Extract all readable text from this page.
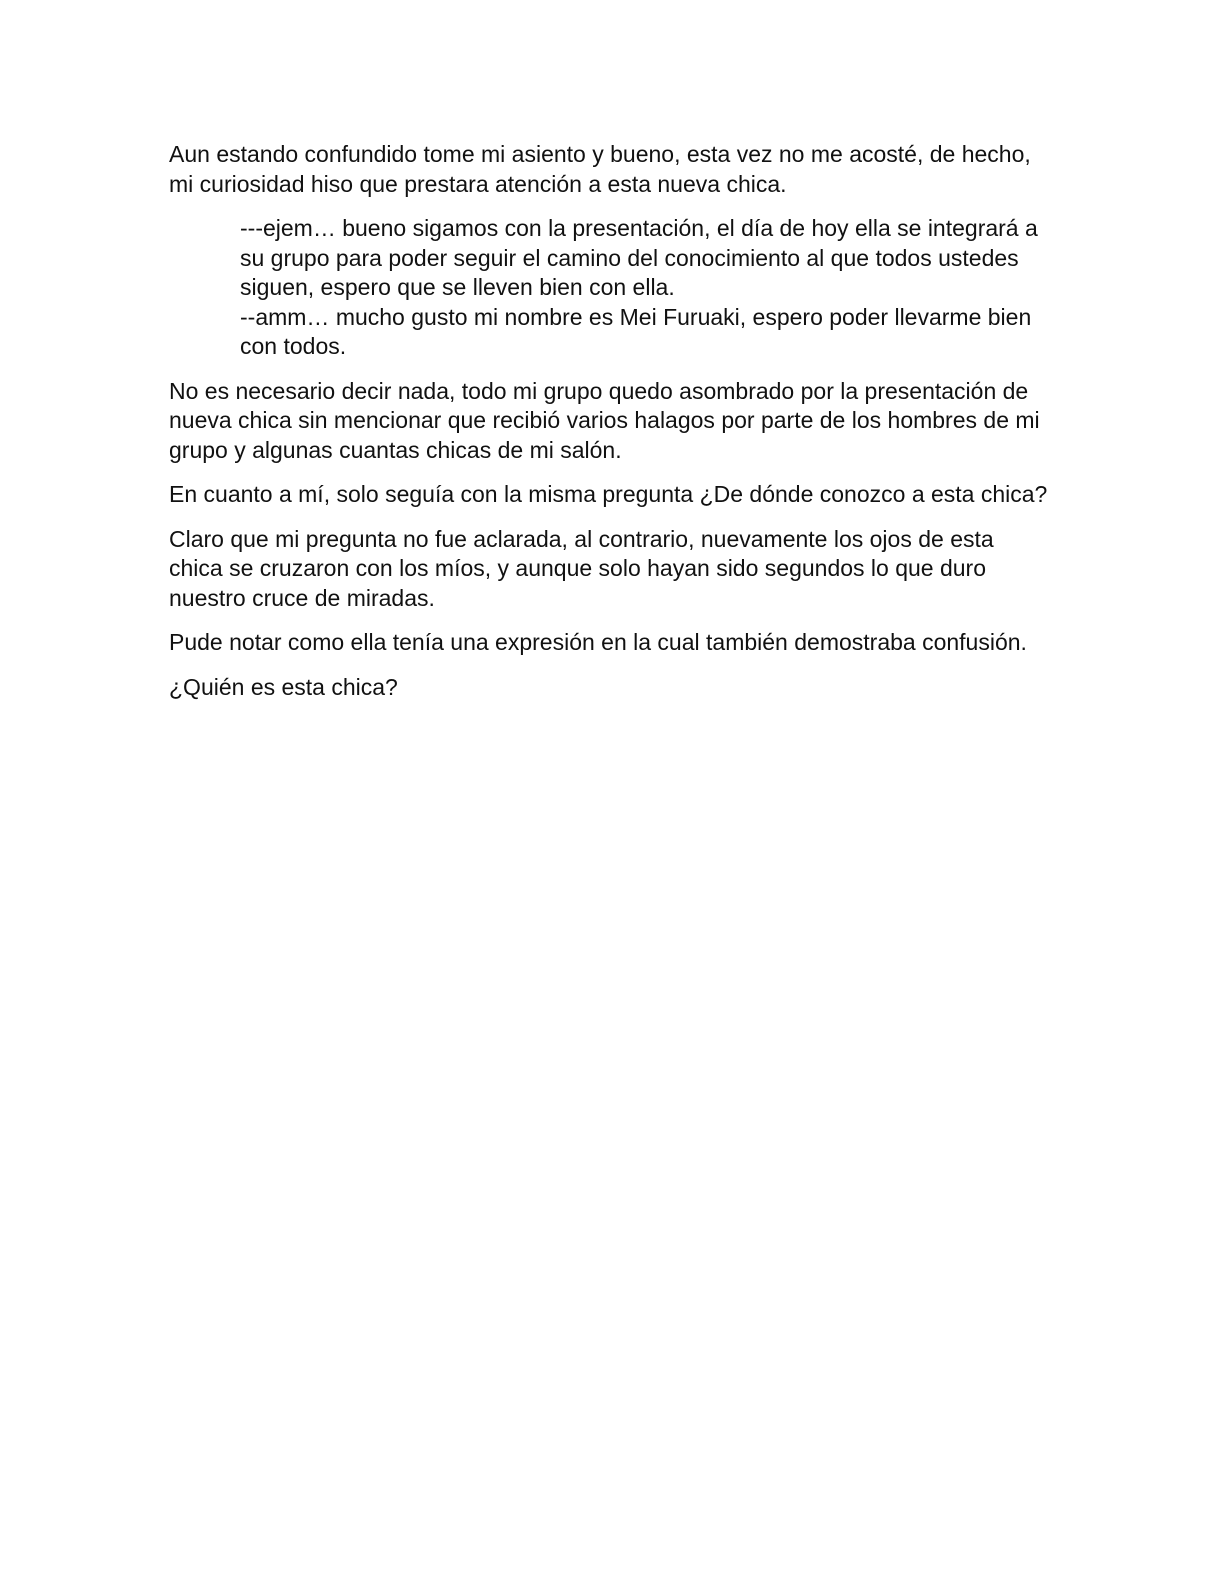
Aun estando confundido tome mi asiento y bueno, esta vez no me acosté, de hecho, mi curiosidad hiso que prestara atención a esta nueva chica.

---ejem… bueno sigamos con la presentación, el día de hoy ella se integrará a su grupo para poder seguir el camino del conocimiento al que todos ustedes siguen, espero que se lleven bien con ella.

--amm… mucho gusto mi nombre es Mei Furuaki, espero poder llevarme bien con todos.

No es necesario decir nada, todo mi grupo quedo asombrado por la presentación de nueva chica sin mencionar que recibió varios halagos por parte de los hombres de mi grupo y algunas cuantas chicas de mi salón.

En cuanto a mí, solo seguía con la misma pregunta ¿De dónde conozco a esta chica?

Claro que mi pregunta no fue aclarada, al contrario, nuevamente los ojos de esta chica se cruzaron con los míos, y aunque solo hayan sido segundos lo que duro nuestro cruce de miradas.

Pude notar como ella tenía una expresión en la cual también demostraba confusión.

¿Quién es esta chica?
